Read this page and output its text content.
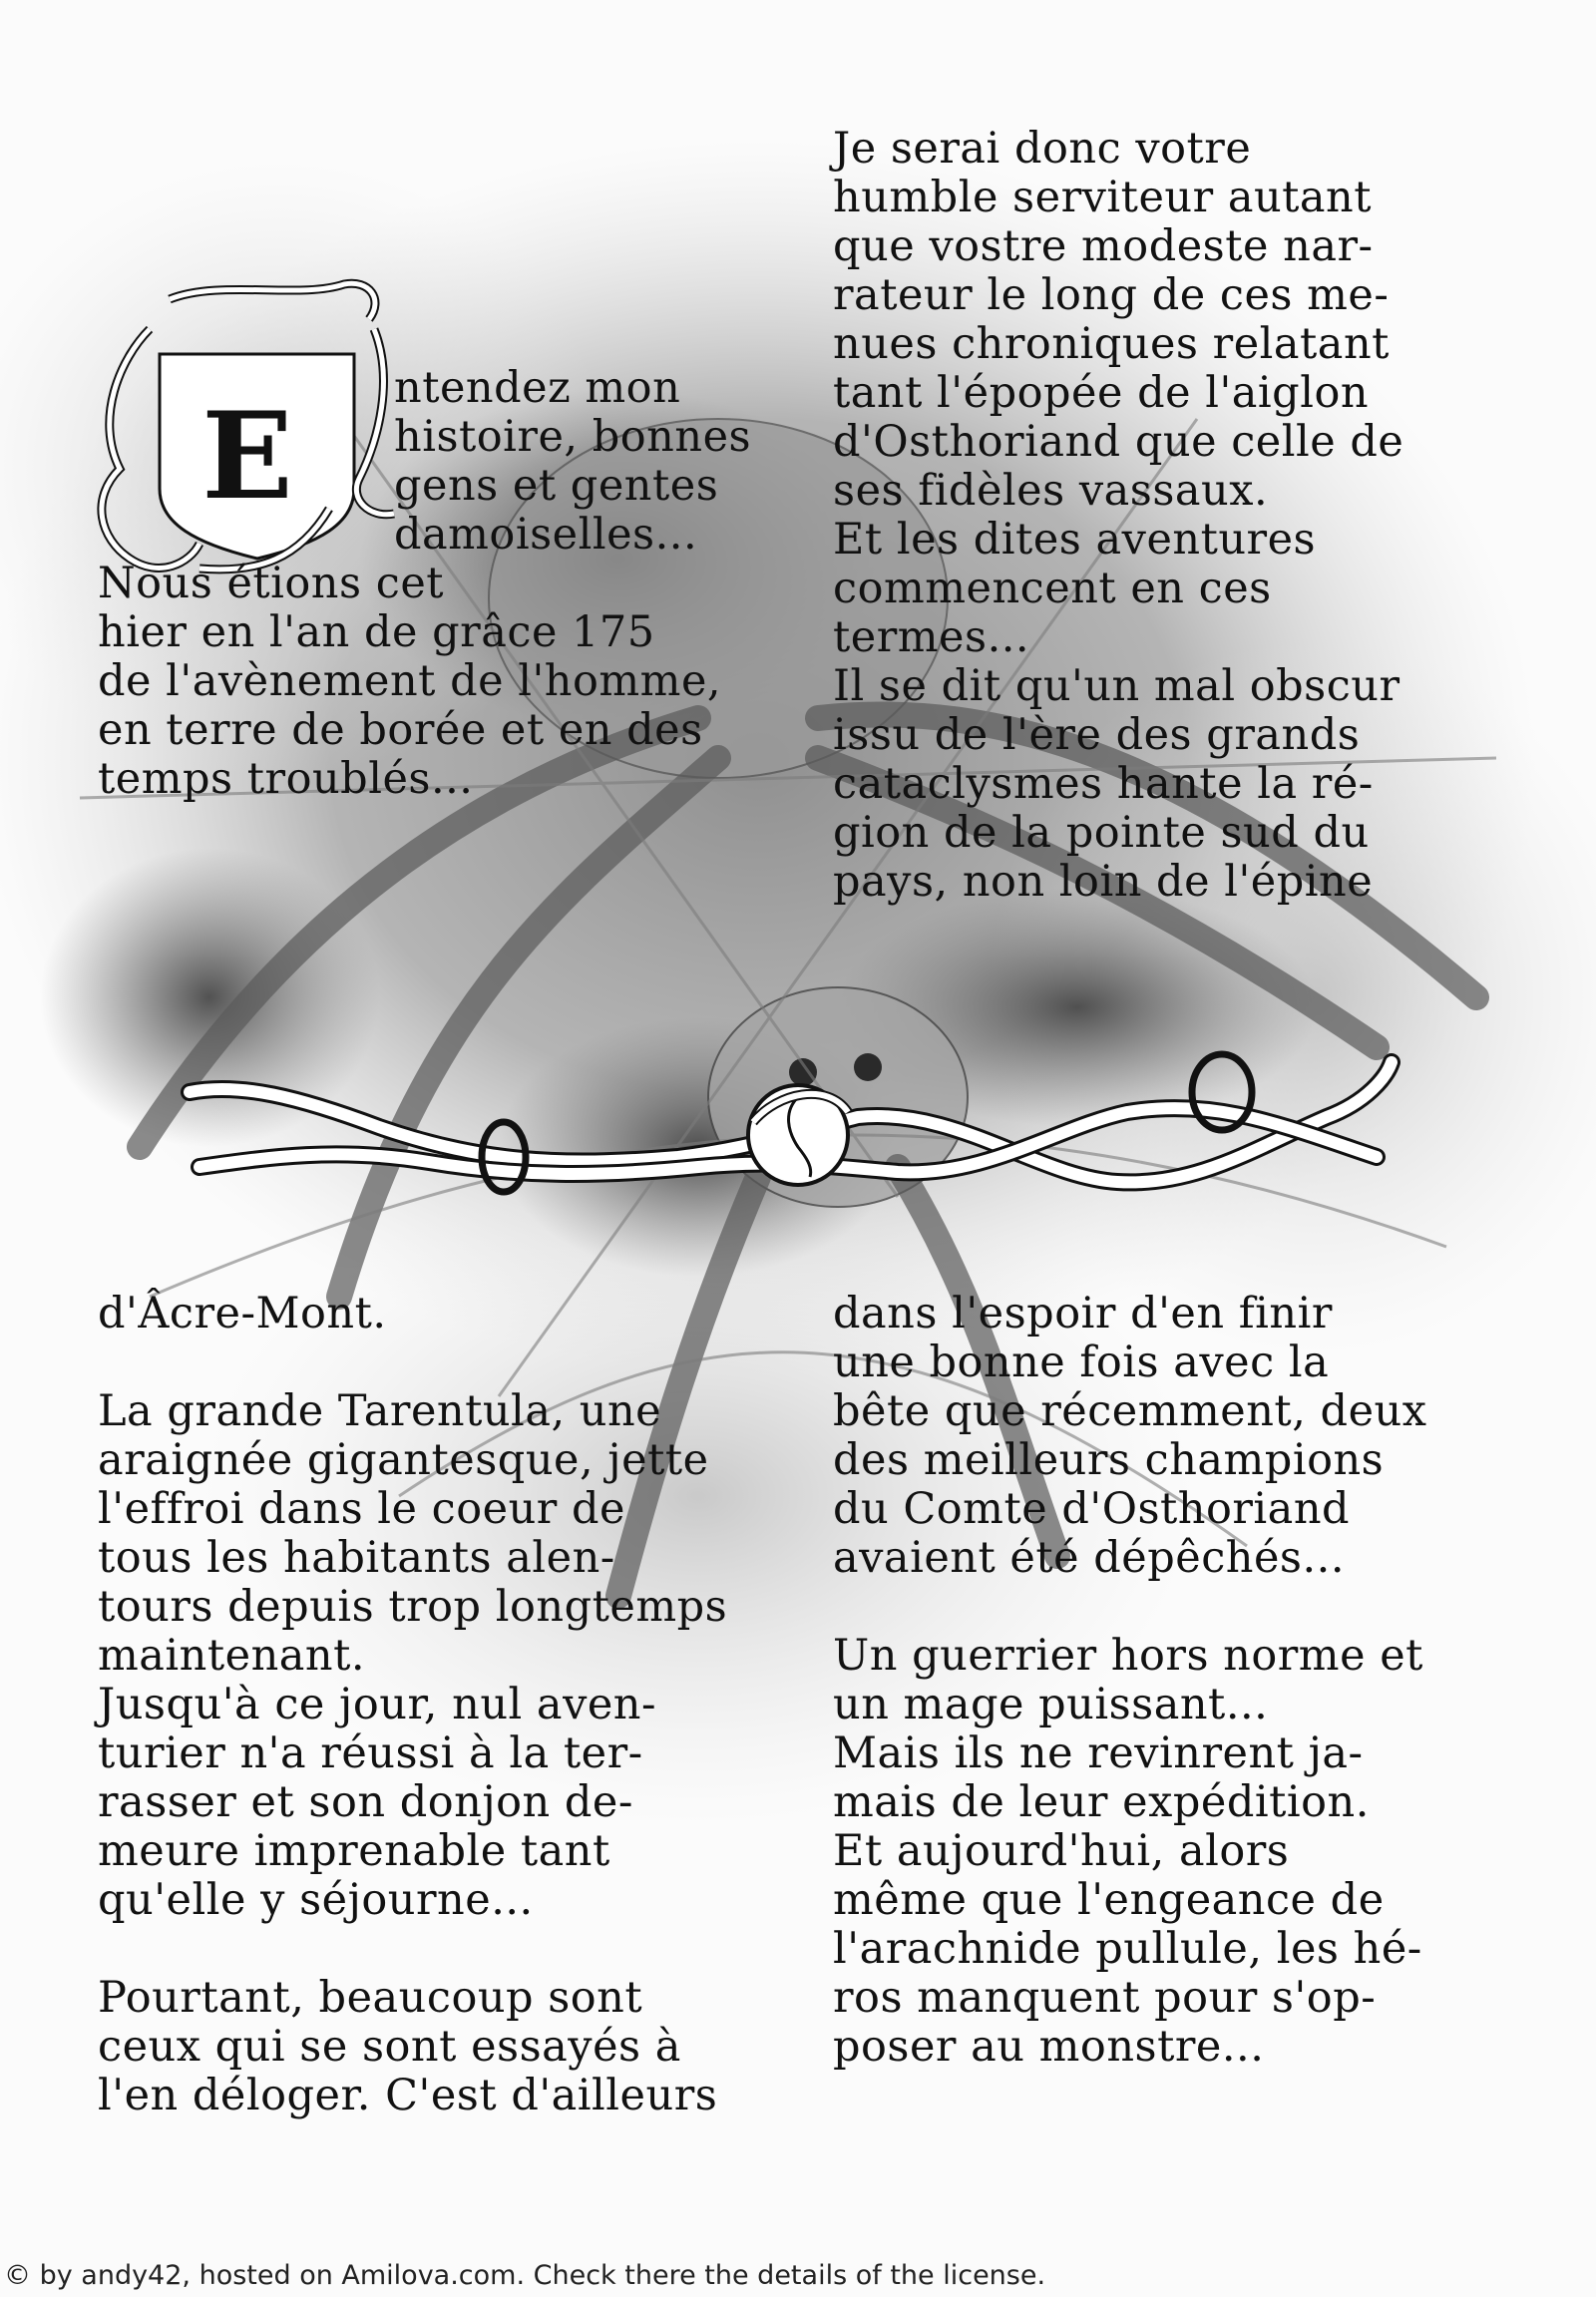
E ntendez mon
histoire, bonnes
gens et gentes
damoiselles...
Nous étions cet
hier en l'an de grâce 175
de l'avènement de l'homme,
en terre de borée et en des
temps troublés...
Je serai donc votre
humble serviteur autant
que vostre modeste nar-
rateur le long de ces me-
nues chroniques relatant
tant l'épopée de l'aiglon
d'Osthoriand que celle de
ses fidèles vassaux.
Et les dites aventures
commencent en ces
termes...
Il se dit qu'un mal obscur
issu de l'ère des grands
cataclysmes hante la ré-
gion de la pointe sud du
pays, non loin de l'épine
d'Âcre-Mont.

La grande Tarentula, une
araignée gigantesque, jette
l'effroi dans le coeur de
tous les habitants alen-
tours depuis trop longtemps
maintenant.
Jusqu'à ce jour, nul aven-
turier n'a réussi à la ter-
rasser et son donjon de-
meure imprenable tant
qu'elle y séjourne...

Pourtant, beaucoup sont
ceux qui se sont essayés à
l'en déloger. C'est d'ailleurs
dans l'espoir d'en finir
une bonne fois avec la
bête que récemment, deux
des meilleurs champions
du Comte d'Osthoriand
avaient été dépêchés...

Un guerrier hors norme et
un mage puissant...
Mais ils ne revinrent ja-
mais de leur expédition.
Et aujourd'hui, alors
même que l'engeance de
l'arachnide pullule, les hé-
ros manquent pour s'op-
poser au monstre...

© by andy42, hosted on Amilova.com. Check there the details of the license.
